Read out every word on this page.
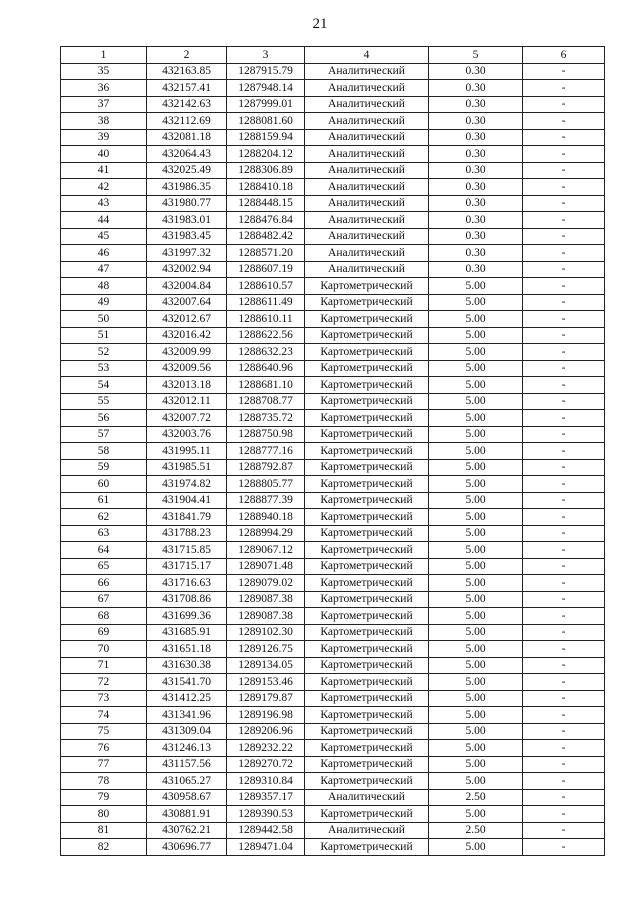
21
1	2	3	4	5	6
35	432163.85	1287915.79	Аналитический	0.30	-
36	432157.41	1287948.14	Аналитический	0.30	-
37	432142.63	1287999.01	Аналитический	0.30	-
38	432112.69	1288081.60	Аналитический	0.30	-
39	432081.18	1288159.94	Аналитический	0.30	-
40	432064.43	1288204.12	Аналитический	0.30	-
41	432025.49	1288306.89	Аналитический	0.30	-
42	431986.35	1288410.18	Аналитический	0.30	-
43	431980.77	1288448.15	Аналитический	0.30	-
44	431983.01	1288476.84	Аналитический	0.30	-
45	431983.45	1288482.42	Аналитический	0.30	-
46	431997.32	1288571.20	Аналитический	0.30	-
47	432002.94	1288607.19	Аналитический	0.30	-
48	432004.84	1288610.57	Картометрический	5.00	-
49	432007.64	1288611.49	Картометрический	5.00	-
50	432012.67	1288610.11	Картометрический	5.00	-
51	432016.42	1288622.56	Картометрический	5.00	-
52	432009.99	1288632.23	Картометрический	5.00	-
53	432009.56	1288640.96	Картометрический	5.00	-
54	432013.18	1288681.10	Картометрический	5.00	-
55	432012.11	1288708.77	Картометрический	5.00	-
56	432007.72	1288735.72	Картометрический	5.00	-
57	432003.76	1288750.98	Картометрический	5.00	-
58	431995.11	1288777.16	Картометрический	5.00	-
59	431985.51	1288792.87	Картометрический	5.00	-
60	431974.82	1288805.77	Картометрический	5.00	-
61	431904.41	1288877.39	Картометрический	5.00	-
62	431841.79	1288940.18	Картометрический	5.00	-
63	431788.23	1288994.29	Картометрический	5.00	-
64	431715.85	1289067.12	Картометрический	5.00	-
65	431715.17	1289071.48	Картометрический	5.00	-
66	431716.63	1289079.02	Картометрический	5.00	-
67	431708.86	1289087.38	Картометрический	5.00	-
68	431699.36	1289087.38	Картометрический	5.00	-
69	431685.91	1289102.30	Картометрический	5.00	-
70	431651.18	1289126.75	Картометрический	5.00	-
71	431630.38	1289134.05	Картометрический	5.00	-
72	431541.70	1289153.46	Картометрический	5.00	-
73	431412.25	1289179.87	Картометрический	5.00	-
74	431341.96	1289196.98	Картометрический	5.00	-
75	431309.04	1289206.96	Картометрический	5.00	-
76	431246.13	1289232.22	Картометрический	5.00	-
77	431157.56	1289270.72	Картометрический	5.00	-
78	431065.27	1289310.84	Картометрический	5.00	-
79	430958.67	1289357.17	Аналитический	2.50	-
80	430881.91	1289390.53	Картометрический	5.00	-
81	430762.21	1289442.58	Аналитический	2.50	-
82	430696.77	1289471.04	Картометрический	5.00	-
